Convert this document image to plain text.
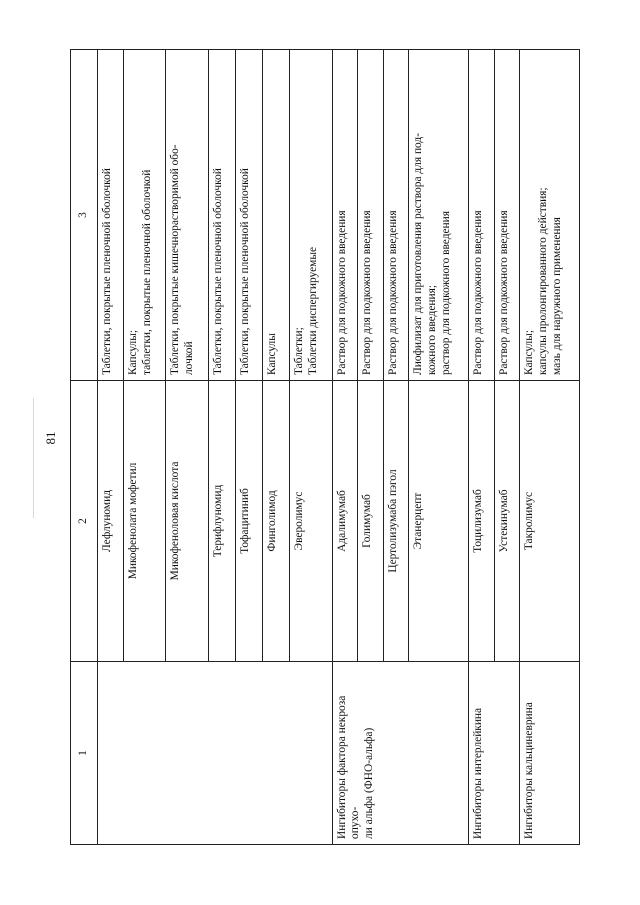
81
1	2	3
	Лефлуномид	Таблетки, покрытые пленочной оболочкой
	Микофенолата мофетил	Капсулы;
таблетки, покрытые пленочной оболочкой
	Микофеноловая кислота	Таблетки, покрытые кишечнорастворимой обо-
лочкой
	Терифлуномид	Таблетки, покрытые пленочной оболочкой
	Тофацитиниб	Таблетки, покрытые пленочной оболочкой
	Финголимод	Капсулы
	Эверолимус	Таблетки;
Таблетки диспергируемые
Ингибиторы фактора некроза опухо-
ли альфа (ФНО-альфа)	Адалимумаб	Раствор для подкожного введения
	Голимумаб	Раствор для подкожного введения
	Цертолизумаба пэгол	Раствор для подкожного введения
	Этанерцепт	Лиофилизат для приготовления раствора для под-
кожного введения;
раствор для подкожного введения
Ингибиторы интерлейкина	Тоцилизумаб	Раствор для подкожного введения
	Устекинумаб	Раствор для подкожного введения
Ингибиторы кальциневрина	Такролимус	Капсулы;
капсулы пролонгированного действия;
мазь для наружного применения
